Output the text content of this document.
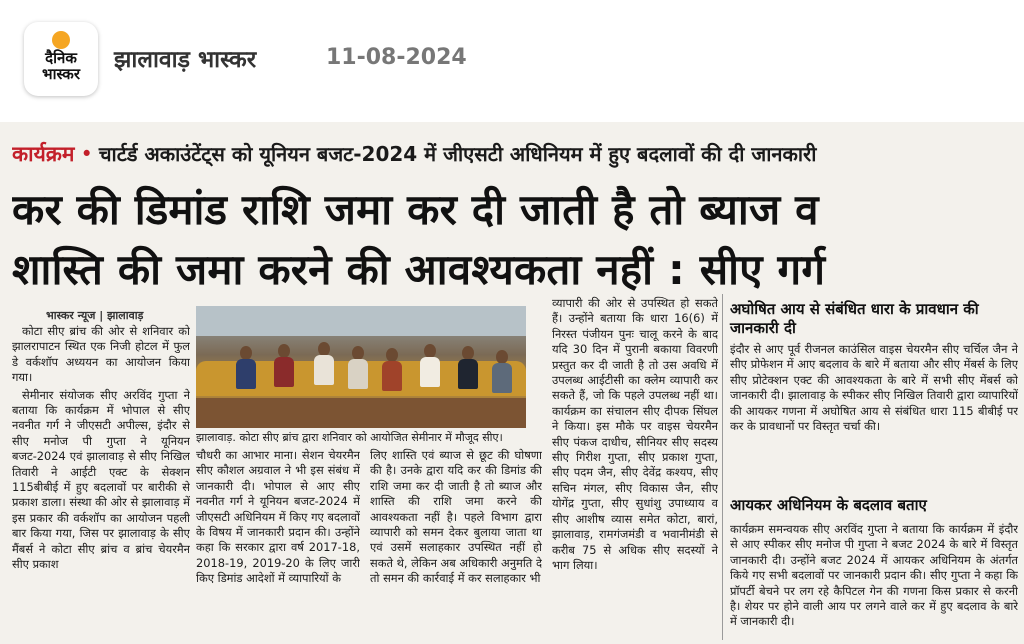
दैनिक भास्कर
झालावाड़ भास्कर	11-08-2024
कार्यक्रम • चार्टर्ड अकाउंटेंट्स को यूनियन बजट-2024 में जीएसटी अधिनियम में हुए बदलावों की दी जानकारी
कर की डिमांड राशि जमा कर दी जाती है तो ब्याज व
शास्ति की जमा करने की आवश्यकता नहीं : सीए गर्ग
भास्कर न्यूज | झालावाड़

कोटा सीए ब्रांच की ओर से शनिवार को झालरापाटन स्थित एक निजी होटल में फुल डे वर्कशॉप अध्ययन का आयोजन किया गया।

सेमीनार संयोजक सीए अरविंद गुप्ता ने बताया कि कार्यक्रम में भोपाल से सीए नवनीत गर्ग ने जीएसटी अपील्स, इंदौर से सीए मनोज पी गुप्ता ने यूनियन बजट-2024 एवं झालावाड़ से सीए निखिल तिवारी ने आईटी एक्ट के सेक्शन 115बीबीई में हुए बदलावों पर बारीकी से प्रकाश डाला। संस्था की ओर से झालावाड़ में इस प्रकार की वर्कशॉप का आयोजन पहली बार किया गया, जिस पर झालावाड़ के सीए मैंबर्स ने कोटा सीए ब्रांच व ब्रांच चेयरमैन सीए प्रकाश

झालावाड़. कोटा सीए ब्रांच द्वारा शनिवार को आयोजित सेमीनार में मौजूद सीए।
चौधरी का आभार माना। सेशन चेयरमैन सीए कौशल अग्रवाल ने भी इस संबंध में जानकारी दी। भोपाल से आए सीए नवनीत गर्ग ने यूनियन बजट-2024 में जीएसटी अधिनियम में किए गए बदलावों के विषय में जानकारी प्रदान की। उन्होंने कहा कि सरकार द्वारा वर्ष 2017-18, 2018-19, 2019-20 के लिए जारी किए डिमांड आदेशों में व्यापारियों के
लिए शास्ति एवं ब्याज से छूट की घोषणा की है। उनके द्वारा यदि कर की डिमांड की राशि जमा कर दी जाती है तो ब्याज और शास्ति की राशि जमा करने की आवश्यकता नहीं है। पहले विभाग द्वारा व्यापारी को समन देकर बुलाया जाता था एवं उसमें सलाहकार उपस्थित नहीं हो सकते थे, लेकिन अब अधिकारी अनुमति दे तो समन की कार्रवाई में कर सलाहकार भी
व्यापारी की ओर से उपस्थित हो सकते हैं। उन्होंने बताया कि धारा 16(6) में निरस्त पंजीयन पुनः चालू करने के बाद यदि 30 दिन में पुरानी बकाया विवरणी प्रस्तुत कर दी जाती है तो उस अवधि में उपलब्ध आईटीसी का क्लेम व्यापारी कर सकते हैं, जो कि पहले उपलब्ध नहीं था। कार्यक्रम का संचालन सीए दीपक सिंघल ने किया। इस मौके पर वाइस चेयरमैन सीए पंकज दाधीच, सीनियर सीए सदस्य सीए गिरीश गुप्ता, सीए प्रकाश गुप्ता, सीए पदम जैन, सीए देवेंद्र कश्यप, सीए सचिन मंगल, सीए विकास जैन, सीए योगेंद्र गुप्ता, सीए सुधांशु उपाध्याय व सीए आशीष व्यास समेत कोटा, बारां, झालावाड़, रामगंजमंडी व भवानीमंडी से करीब 75 से अधिक सीए सदस्यों ने भाग लिया।
अघोषित आय से संबंधित धारा के प्रावधान की जानकारी दी
इंदौर से आए पूर्व रीजनल काउंसिल वाइस चेयरमैन सीए चर्चिल जैन ने सीए प्रोफेशन में आए बदलाव के बारे में बताया और सीए मेंबर्स के लिए सीए प्रोटेक्शन एक्ट की आवश्यकता के बारे में सभी सीए मेंबर्स को जानकारी दी। झालावाड़ के स्पीकर सीए निखिल तिवारी द्वारा व्यापारियों की आयकर गणना में अघोषित आय से संबंधित धारा 115 बीबीई पर कर के प्रावधानों पर विस्तृत चर्चा की।
आयकर अधिनियम के बदलाव बताए
कार्यक्रम समन्वयक सीए अरविंद गुप्ता ने बताया कि कार्यक्रम में इंदौर से आए स्पीकर सीए मनोज पी गुप्ता ने बजट 2024 के बारे में विस्तृत जानकारी दी। उन्होंने बजट 2024 में आयकर अधिनियम के अंतर्गत किये गए सभी बदलावों पर जानकारी प्रदान की। सीए गुप्ता ने कहा कि प्रॉपर्टी बेचने पर लग रहे कैपिटल गेन की गणना किस प्रकार से करनी है। शेयर पर होने वाली आय पर लगने वाले कर में हुए बदलाव के बारे में जानकारी दी।
